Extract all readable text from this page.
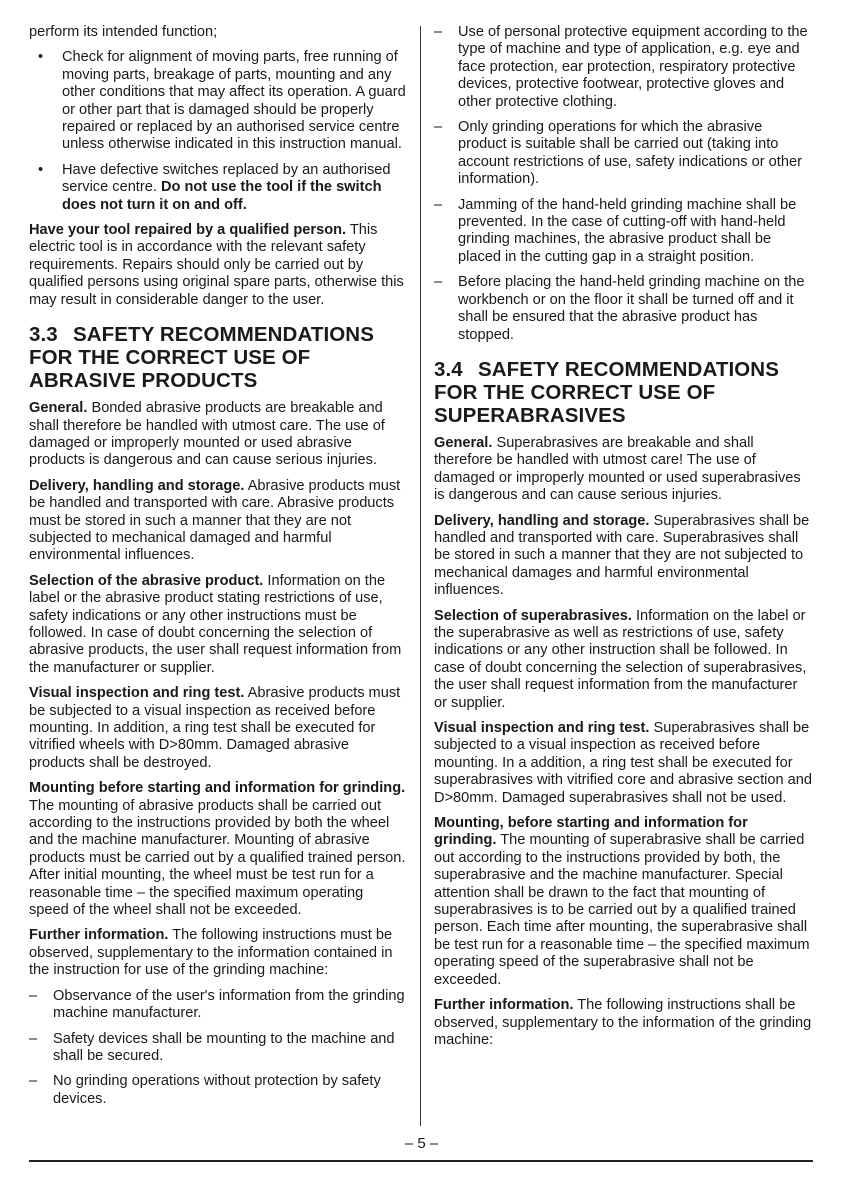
perform its intended function;

• Check for alignment of moving parts, free running of moving parts, breakage of parts, mounting and any other conditions that may affect its operation. A guard or other part that is damaged should be properly repaired or replaced by an authorised service centre unless otherwise indicated in this instruction manual.
• Have defective switches replaced by an authorised service centre. Do not use the tool if the switch does not turn it on and off.

Have your tool repaired by a qualified person. This electric tool is in accordance with the relevant safety requirements. Repairs should only be carried out by qualified persons using original spare parts, otherwise this may result in considerable danger to the user.

3.3 SAFETY RECOMMENDATIONS FOR THE CORRECT USE OF ABRASIVE PRODUCTS

General. Bonded abrasive products are breakable and shall therefore be handled with utmost care. The use of damaged or improperly mounted or used abrasive products is dangerous and can cause serious injuries.

Delivery, handling and storage. Abrasive products must be handled and transported with care. Abrasive products must be stored in such a manner that they are not subjected to mechanical damaged and harmful environmental influences.

Selection of the abrasive product. Information on the label or the abrasive product stating restrictions of use, safety indications or any other instructions must be followed. In case of doubt concerning the selection of abrasive products, the user shall request information from the manufacturer or supplier.

Visual inspection and ring test. Abrasive products must be subjected to a visual inspection as received before mounting. In addition, a ring test shall be executed for vitrified wheels with D>80mm. Damaged abrasive products shall be destroyed.

Mounting before starting and information for grinding. The mounting of abrasive products shall be carried out according to the instructions provided by both the wheel and the machine manufacturer. Mounting of abrasive products must be carried out by a qualified trained person. After initial mounting, the wheel must be test run for a reasonable time – the specified maximum operating speed of the wheel shall not be exceeded.

Further information. The following instructions must be observed, supplementary to the information contained in the instruction for use of the grinding machine:

– Observance of the user's information from the grinding machine manufacturer.
– Safety devices shall be mounting to the machine and shall be secured.
– No grinding operations without protection by safety devices.
– Use of personal protective equipment according to the type of machine and type of application, e.g. eye and face protection, ear protection, respiratory protective devices, protective footwear, protective gloves and other protective clothing.
– Only grinding operations for which the abrasive product is suitable shall be carried out (taking into account restrictions of use, safety indications or other information).
– Jamming of the hand-held grinding machine shall be prevented. In the case of cutting-off with hand-held grinding machines, the abrasive product shall be placed in the cutting gap in a straight position.
– Before placing the hand-held grinding machine on the workbench or on the floor it shall be turned off and it shall be ensured that the abrasive product has stopped.
3.4 SAFETY RECOMMENDATIONS FOR THE CORRECT USE OF SUPERABRASIVES

General. Superabrasives are breakable and shall therefore be handled with utmost care! The use of damaged or improperly mounted or used superabrasives is dangerous and can cause serious injuries.

Delivery, handling and storage. Superabrasives shall be handled and transported with care. Superabrasives shall be stored in such a manner that they are not subjected to mechanical damages and harmful environmental influences.

Selection of superabrasives. Information on the label or the superabrasive as well as restrictions of use, safety indications or any other instruction shall be followed. In case of doubt concerning the selection of superabrasives, the user shall request information from the manufacturer or supplier.

Visual inspection and ring test. Superabrasives shall be subjected to a visual inspection as received before mounting. In a addition, a ring test shall be executed for superabrasives with vitrified core and abrasive section and D>80mm. Damaged superabrasives shall not be used.

Mounting, before starting and information for grinding. The mounting of superabrasive shall be carried out according to the instructions provided by both, the superabrasive and the machine manufacturer. Special attention shall be drawn to the fact that mounting of superabrasives is to be carried out by a qualified trained person. Each time after mounting, the superabrasive shall be test run for a reasonable time – the specified maximum operating speed of the superabrasive shall not be exceeded.

Further information. The following instructions shall be observed, supplementary to the information of the grinding machine:

– 5 –
